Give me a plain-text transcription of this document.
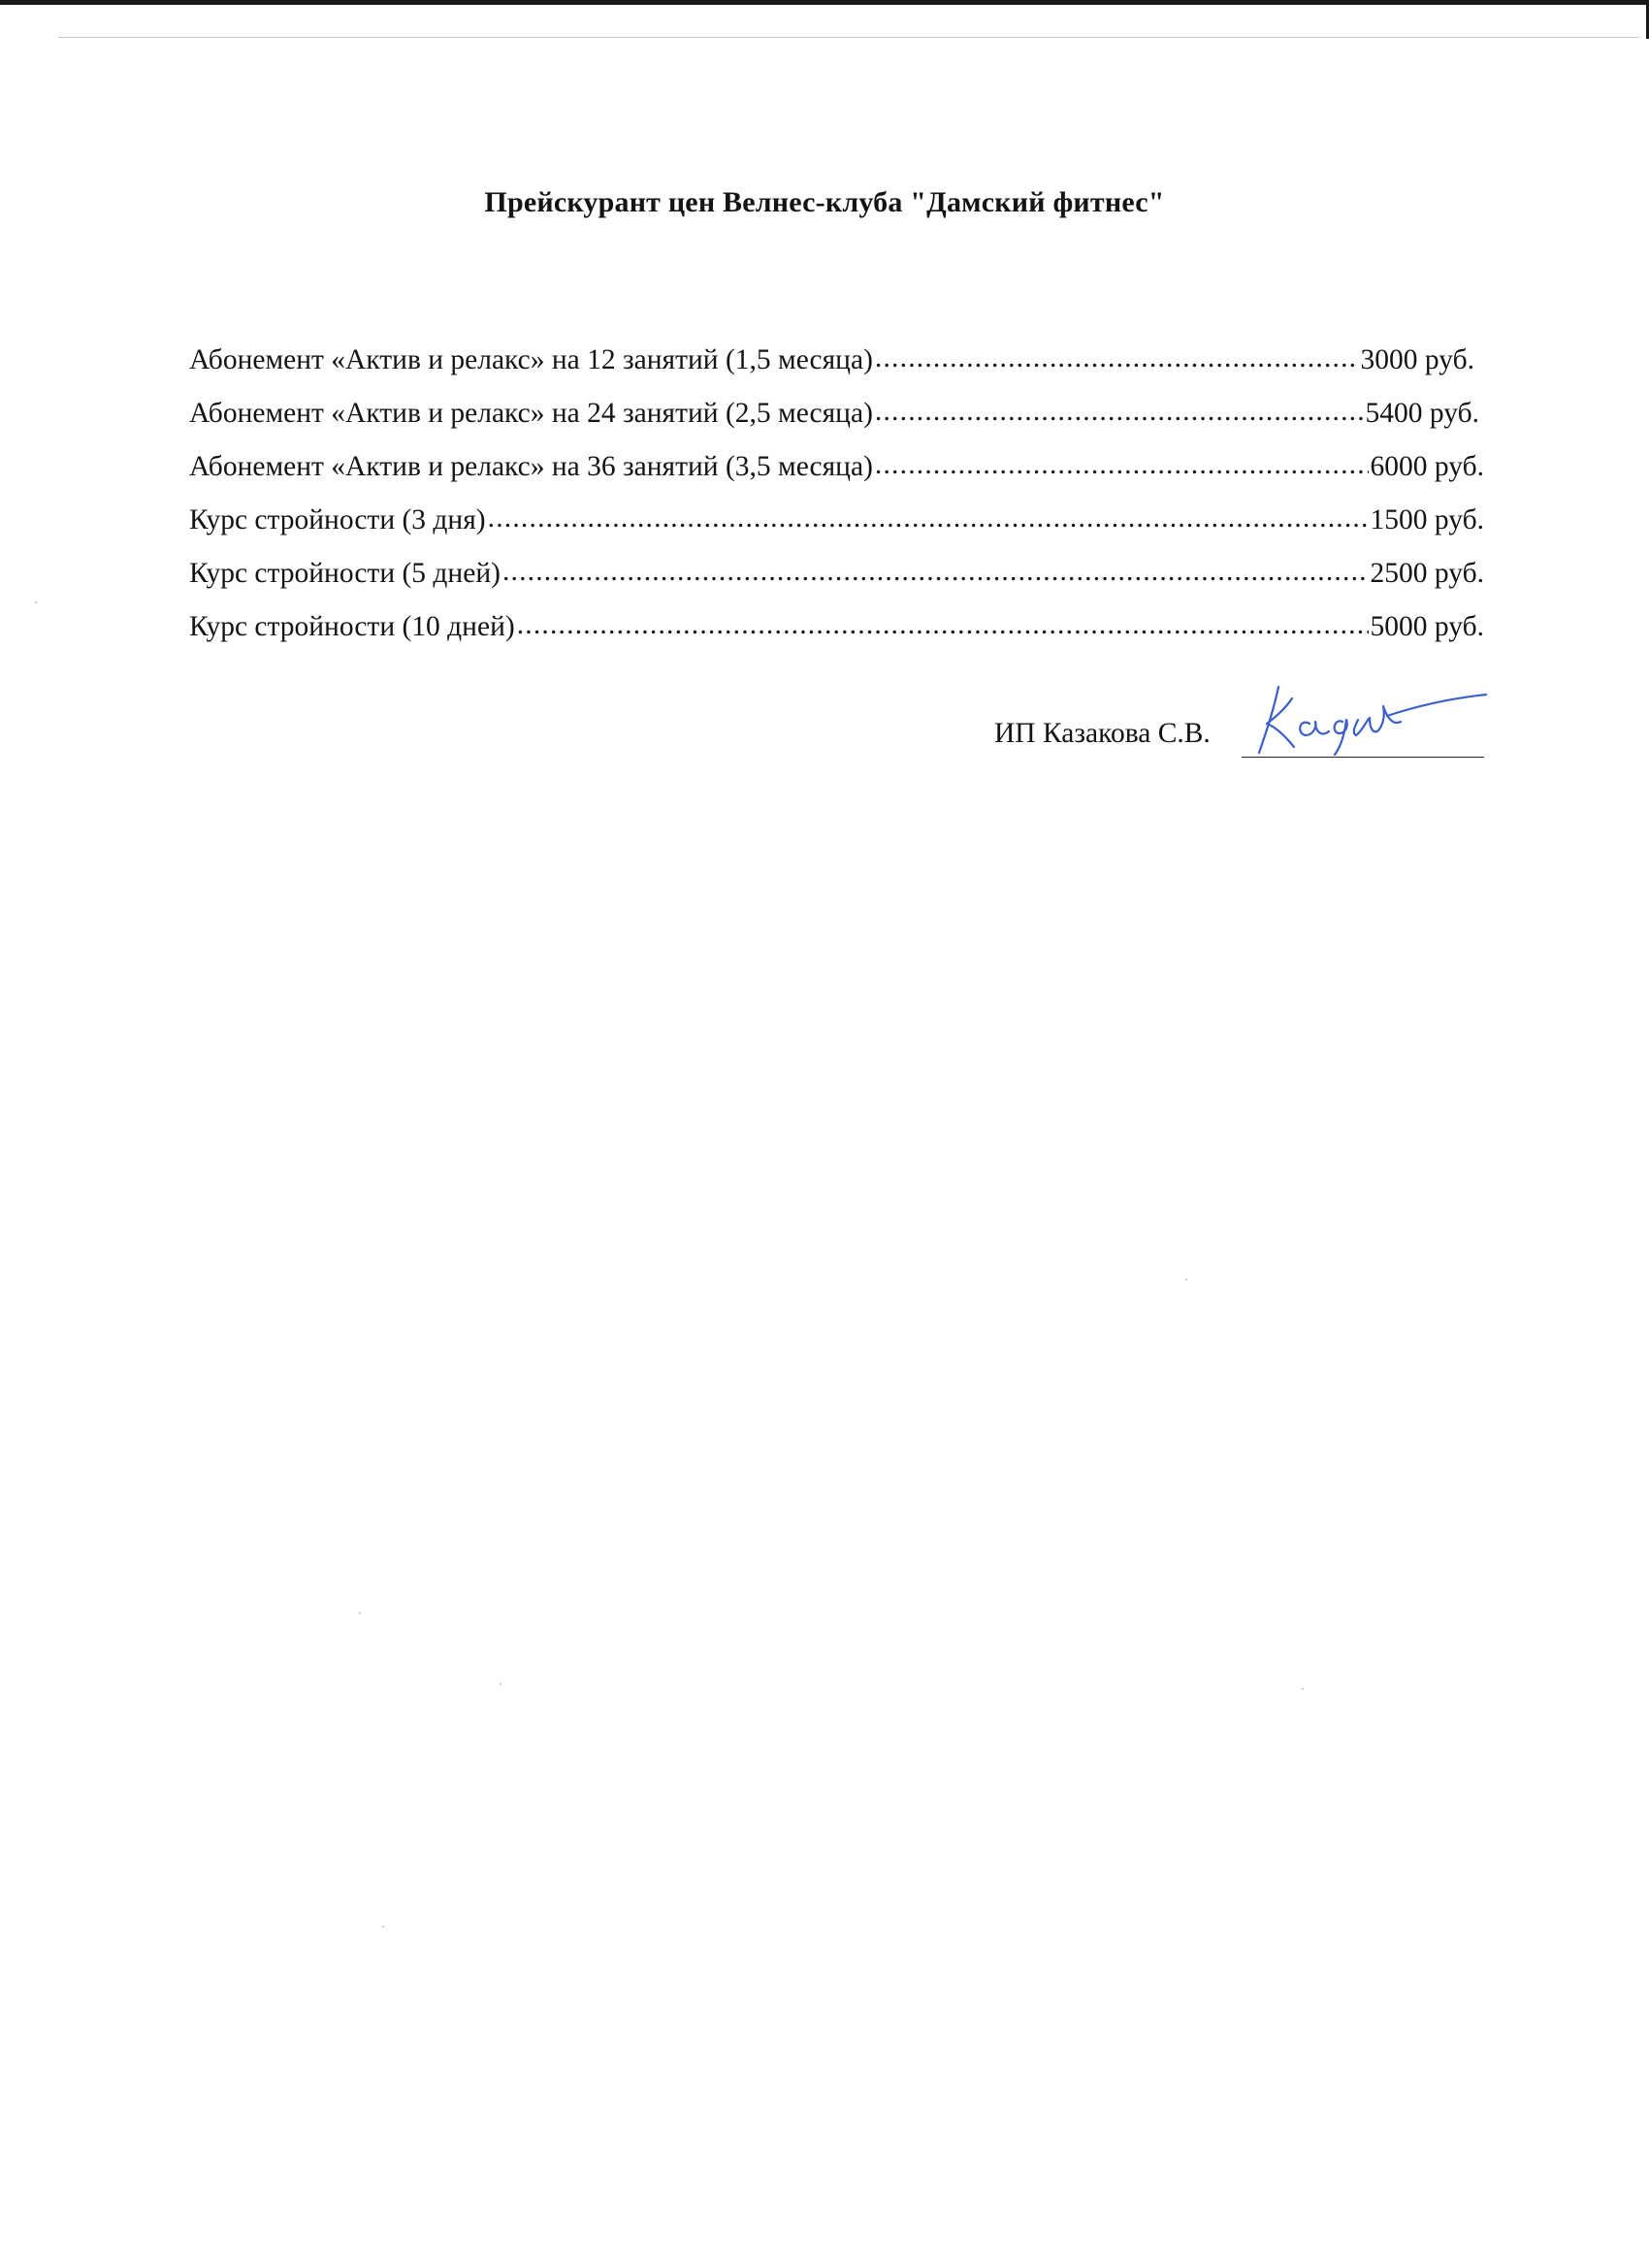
Прейскурант цен Велнес-клуба "Дамский фитнес"
Абонемент «Актив и релакс» на 12 занятий (1,5 месяца) .....	3000 руб.
Абонемент «Актив и релакс» на 24 занятий (2,5 месяца) .....	5400 руб.
Абонемент «Актив и релакс» на 36 занятий (3,5 месяца) .....	6000 руб.
Курс стройности (3 дня) .....	1500 руб.
Курс стройности (5 дней) .....	2500 руб.
Курс стройности (10 дней) .....	5000 руб.
ИП Казакова С.В.
